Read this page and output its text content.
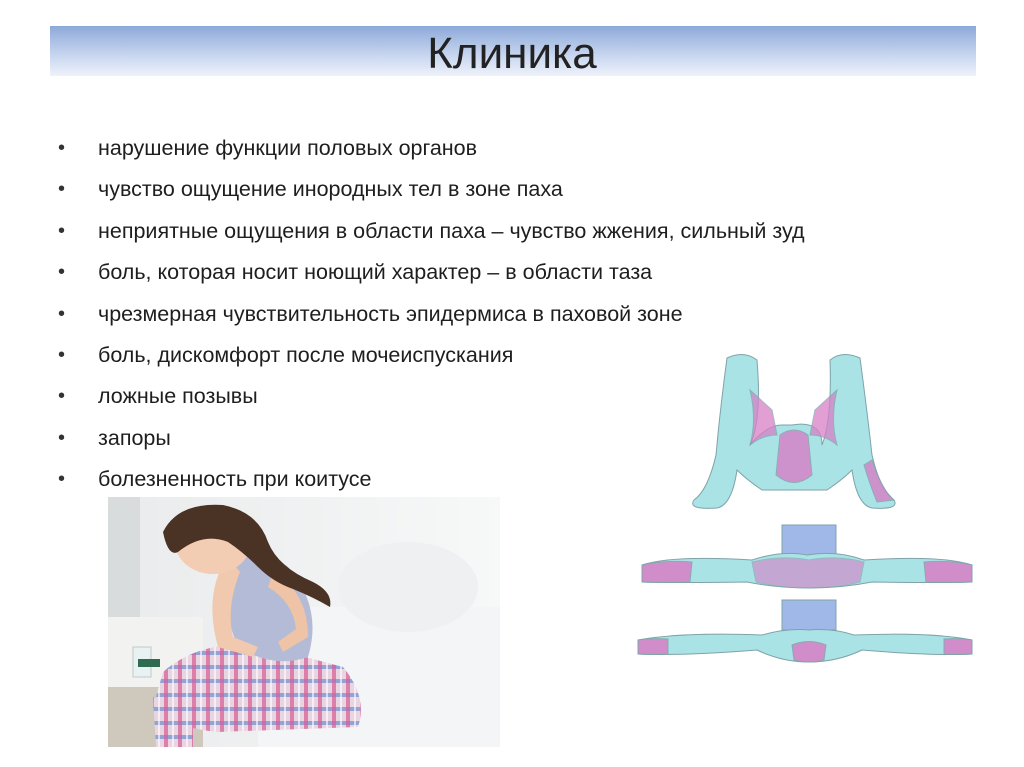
Клиника
• нарушение функции половых органов
• чувство ощущение инородных тел в зоне паха
• неприятные ощущения в области паха – чувство жжения, сильный зуд
• боль, которая носит ноющий характер – в области таза
• чрезмерная чувствительность эпидермиса в паховой зоне
• боль, дискомфорт после мочеиспускания
• ложные позывы
• запоры
• болезненность при коитусе
